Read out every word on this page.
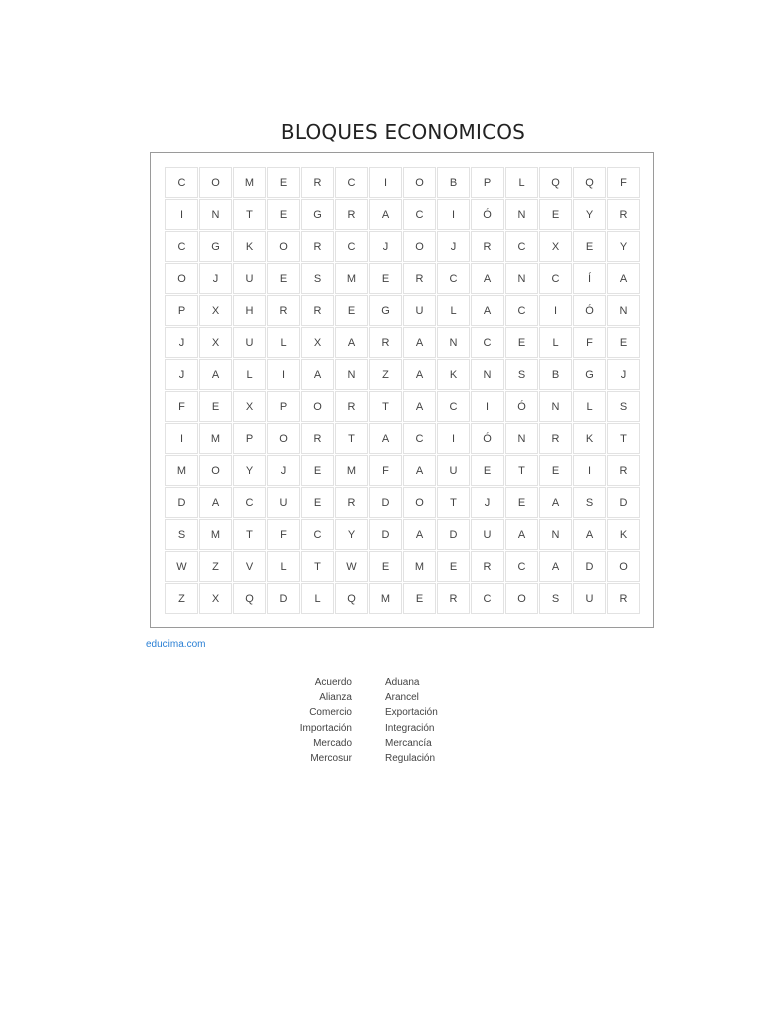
BLOQUES ECONOMICOS
C	O	M	E	R	C	I	O	B	P	L	Q	Q	F
I	N	T	E	G	R	A	C	I	Ó	N	E	Y	R
C	G	K	O	R	C	J	O	J	R	C	X	E	Y
O	J	U	E	S	M	E	R	C	A	N	C	Í	A
P	X	H	R	R	E	G	U	L	A	C	I	Ó	N
J	X	U	L	X	A	R	A	N	C	E	L	F	E
J	A	L	I	A	N	Z	A	K	N	S	B	G	J
F	E	X	P	O	R	T	A	C	I	Ó	N	L	S
I	M	P	O	R	T	A	C	I	Ó	N	R	K	T
M	O	Y	J	E	M	F	A	U	E	T	E	I	R
D	A	C	U	E	R	D	O	T	J	E	A	S	D
S	M	T	F	C	Y	D	A	D	U	A	N	A	K
W	Z	V	L	T	W	E	M	E	R	C	A	D	O
Z	X	Q	D	L	Q	M	E	R	C	O	S	U	R
educima.com
Acuerdo
Alianza
Comercio
Importación
Mercado
Mercosur
Aduana
Arancel
Exportación
Integración
Mercancía
Regulación
